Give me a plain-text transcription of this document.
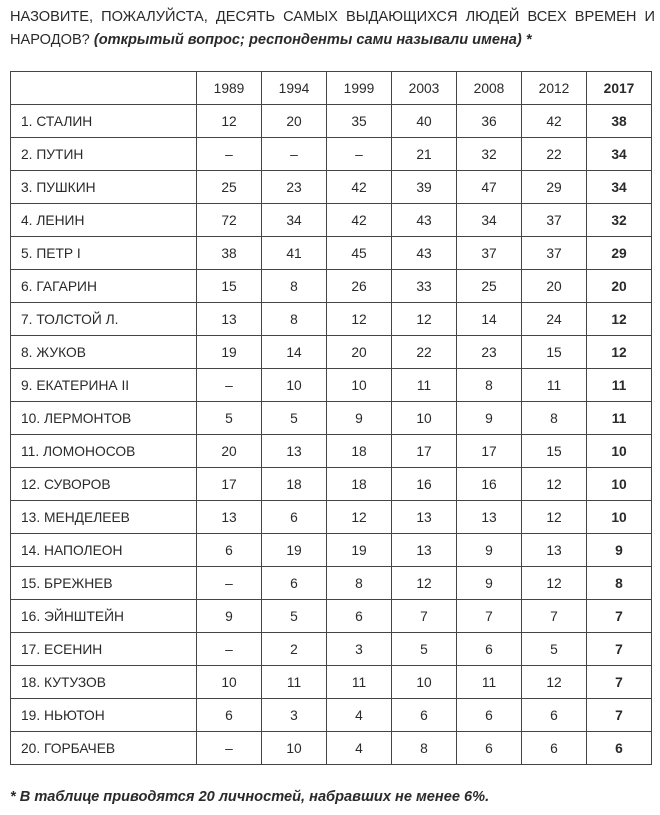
НАЗОВИТЕ, ПОЖАЛУЙСТА, ДЕСЯТЬ САМЫХ ВЫДАЮЩИХСЯ ЛЮДЕЙ ВСЕХ ВРЕМЕН И НАРОДОВ? (открытый вопрос; респонденты сами называли имена) *
	1989	1994	1999	2003	2008	2012	2017
1. СТАЛИН	12	20	35	40	36	42	38
2. ПУТИН	–	–	–	21	32	22	34
3. ПУШКИН	25	23	42	39	47	29	34
4. ЛЕНИН	72	34	42	43	34	37	32
5. ПЕТР I	38	41	45	43	37	37	29
6. ГАГАРИН	15	8	26	33	25	20	20
7. ТОЛСТОЙ Л.	13	8	12	12	14	24	12
8. ЖУКОВ	19	14	20	22	23	15	12
9. ЕКАТЕРИНА II	–	10	10	11	8	11	11
10. ЛЕРМОНТОВ	5	5	9	10	9	8	11
11. ЛОМОНОСОВ	20	13	18	17	17	15	10
12. СУВОРОВ	17	18	18	16	16	12	10
13. МЕНДЕЛЕЕВ	13	6	12	13	13	12	10
14. НАПОЛЕОН	6	19	19	13	9	13	9
15. БРЕЖНЕВ	–	6	8	12	9	12	8
16. ЭЙНШТЕЙН	9	5	6	7	7	7	7
17. ЕСЕНИН	–	2	3	5	6	5	7
18. КУТУЗОВ	10	11	11	10	11	12	7
19. НЬЮТОН	6	3	4	6	6	6	7
20. ГОРБАЧЕВ	–	10	4	8	6	6	6
* В таблице приводятся 20 личностей, набравших не менее 6%.
